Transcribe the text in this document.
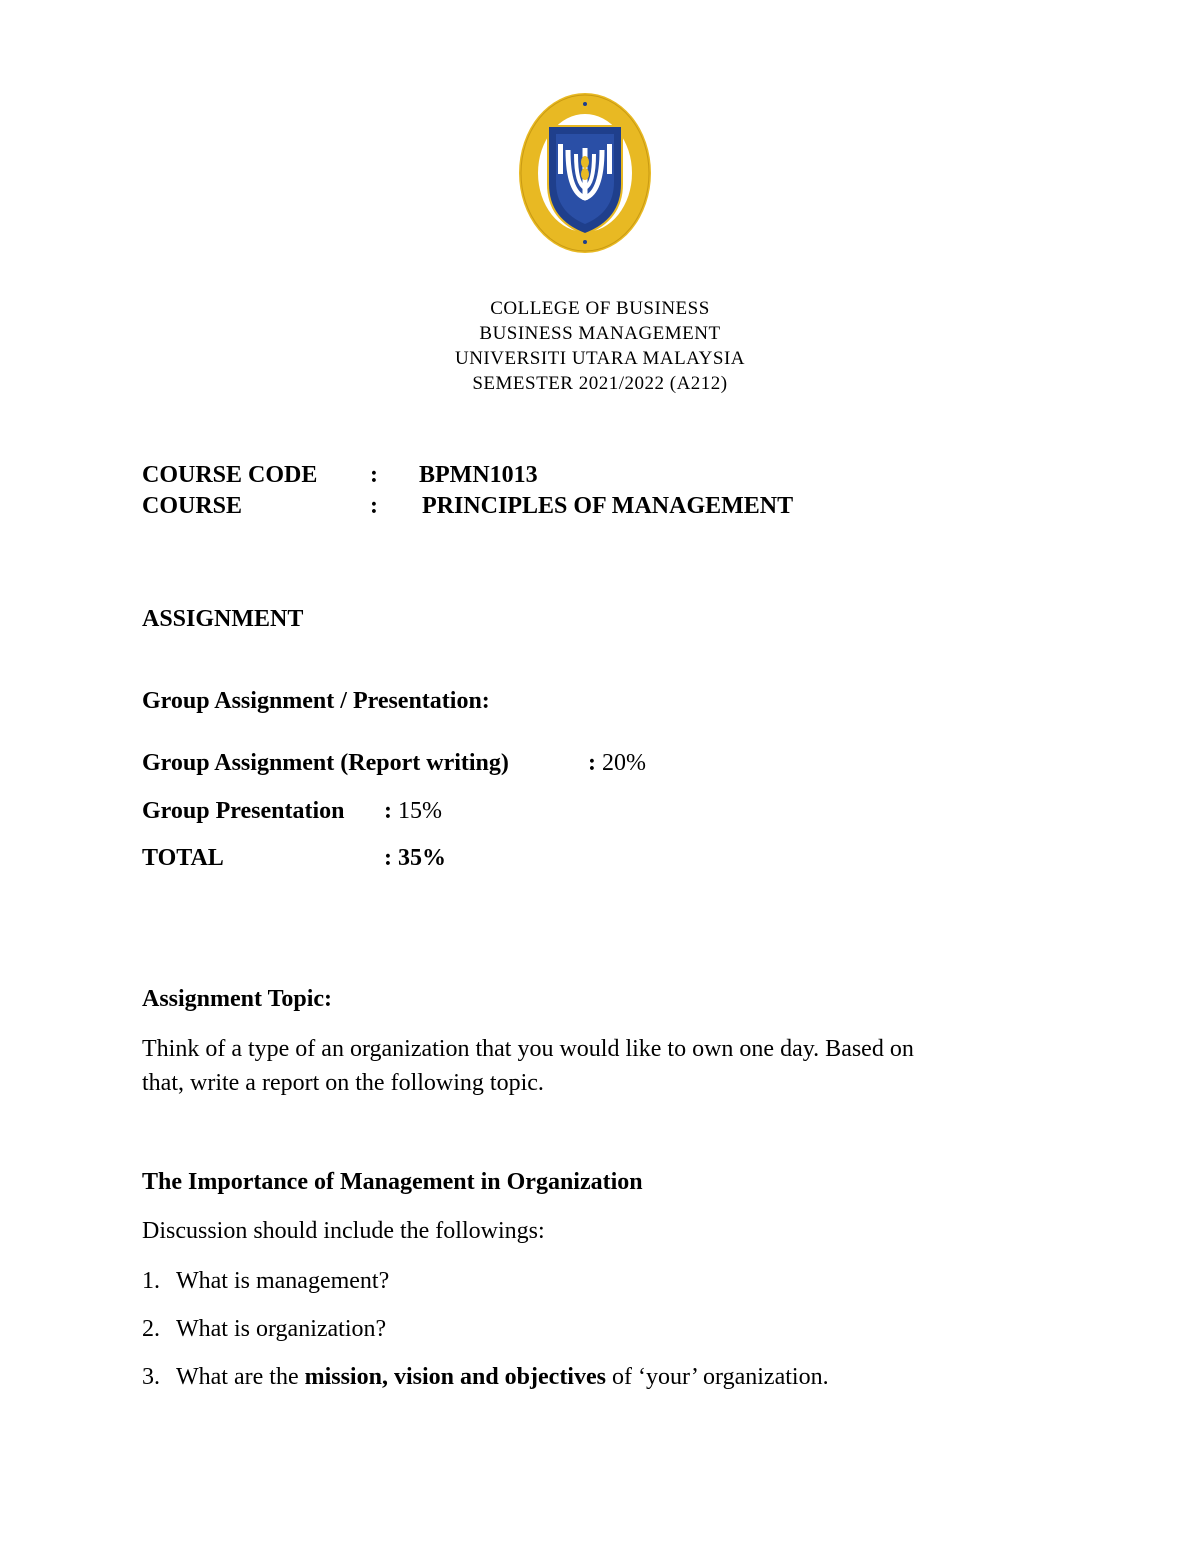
COLLEGE OF BUSINESS
BUSINESS MANAGEMENT
UNIVERSITI UTARA MALAYSIA
SEMESTER 2021/2022 (A212)
COURSE CODE : BPMN1013
COURSE	: PRINCIPLES OF MANAGEMENT
ASSIGNMENT
Group Assignment / Presentation:
Group Assignment (Report writing)	: 20%
Group Presentation : 15%
TOTAL	: 35%
Assignment Topic:
Think of a type of an organization that you would like to own one day. Based on
that, write a report on the following topic.
The Importance of Management in Organization
Discussion should include the followings:
1. What is management?
2. What is organization?
3. What are the mission, vision and objectives of ‘your’ organization.
